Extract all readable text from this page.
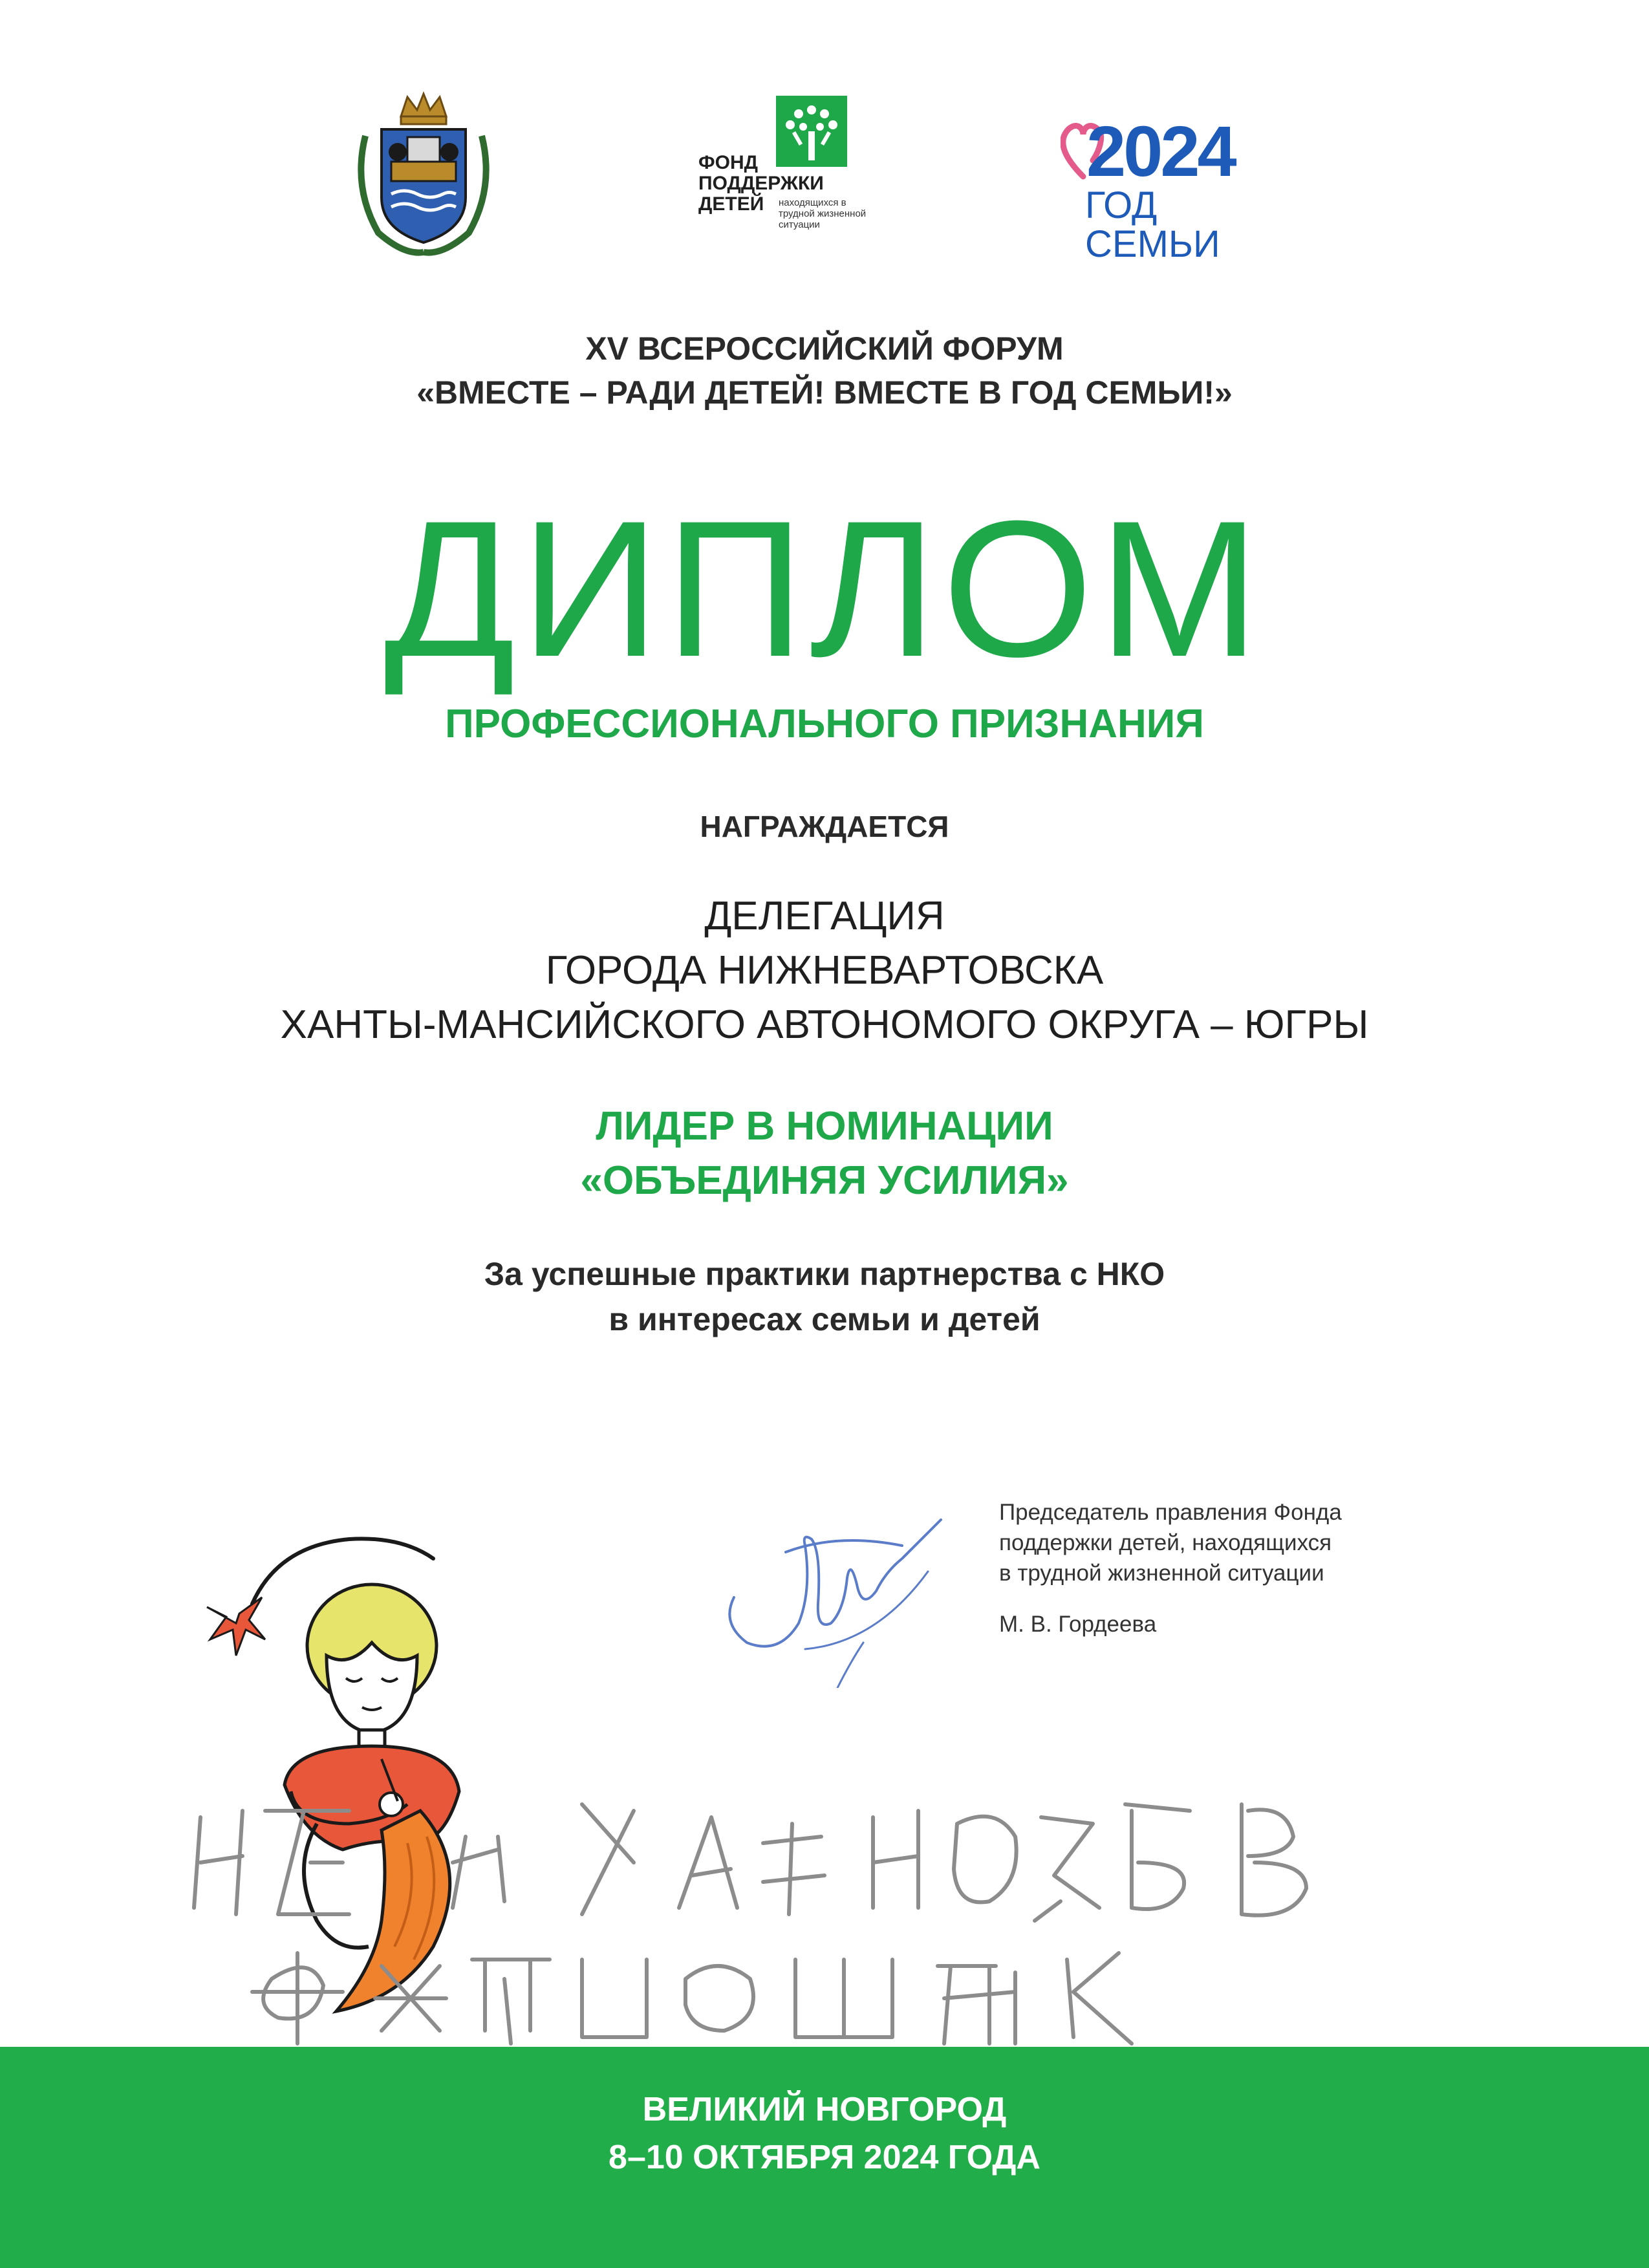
ФОНД
ПОДДЕРЖКИ
ДЕТЕЙ	находящихся в трудной жизненной ситуации
2024
ГОД СЕМЬИ
XV ВСЕРОССИЙСКИЙ ФОРУМ
«ВМЕСТЕ – РАДИ ДЕТЕЙ! ВМЕСТЕ В ГОД СЕМЬИ!»
ДИПЛОМ
ПРОФЕССИОНАЛЬНОГО ПРИЗНАНИЯ
НАГРАЖДАЕТСЯ
ДЕЛЕГАЦИЯ
ГОРОДА НИЖНЕВАРТОВСКА
ХАНТЫ-МАНСИЙСКОГО АВТОНОМОГО ОКРУГА – ЮГРЫ
ЛИДЕР В НОМИНАЦИИ
«ОБЪЕДИНЯЯ УСИЛИЯ»
За успешные практики партнерства с НКО
в интересах семьи и детей
Председатель правления Фонда
поддержки детей, находящихся
в трудной жизненной ситуации
М. В. Гордеева
ВЕЛИКИЙ НОВГОРОД
8–10 ОКТЯБРЯ 2024 ГОДА
